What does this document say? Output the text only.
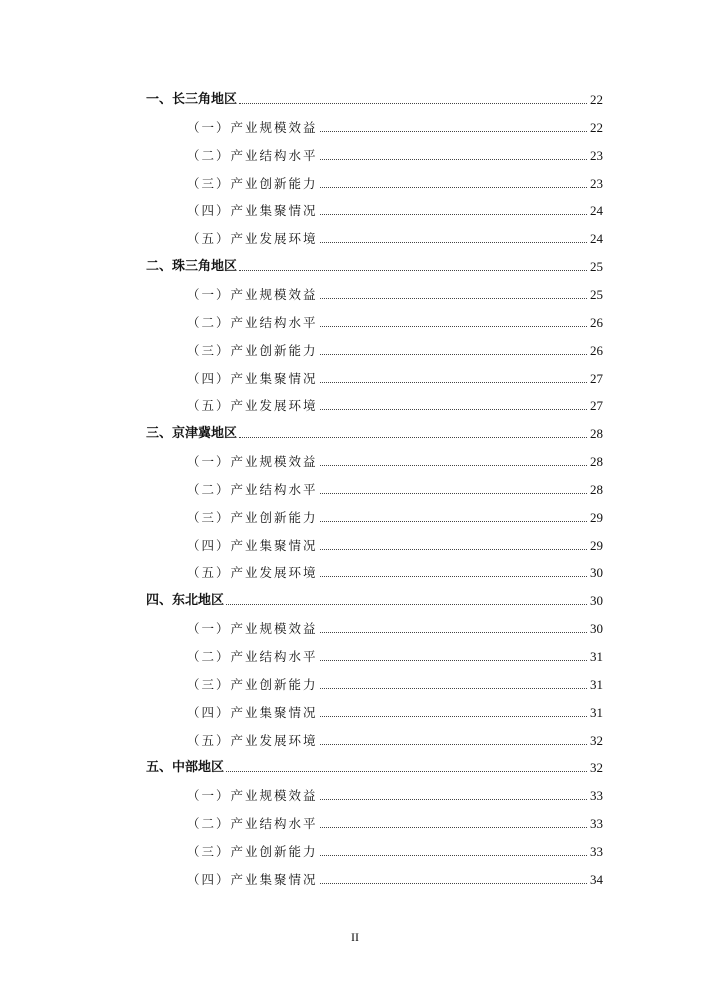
一、长三角地区	22
（一）产业规模效益	22
（二）产业结构水平	23
（三）产业创新能力	23
（四）产业集聚情况	24
（五）产业发展环境	24
二、珠三角地区	25
（一）产业规模效益	25
（二）产业结构水平	26
（三）产业创新能力	26
（四）产业集聚情况	27
（五）产业发展环境	27
三、京津冀地区	28
（一）产业规模效益	28
（二）产业结构水平	28
（三）产业创新能力	29
（四）产业集聚情况	29
（五）产业发展环境	30
四、东北地区	30
（一）产业规模效益	30
（二）产业结构水平	31
（三）产业创新能力	31
（四）产业集聚情况	31
（五）产业发展环境	32
五、中部地区	32
（一）产业规模效益	33
（二）产业结构水平	33
（三）产业创新能力	33
（四）产业集聚情况	34
II
